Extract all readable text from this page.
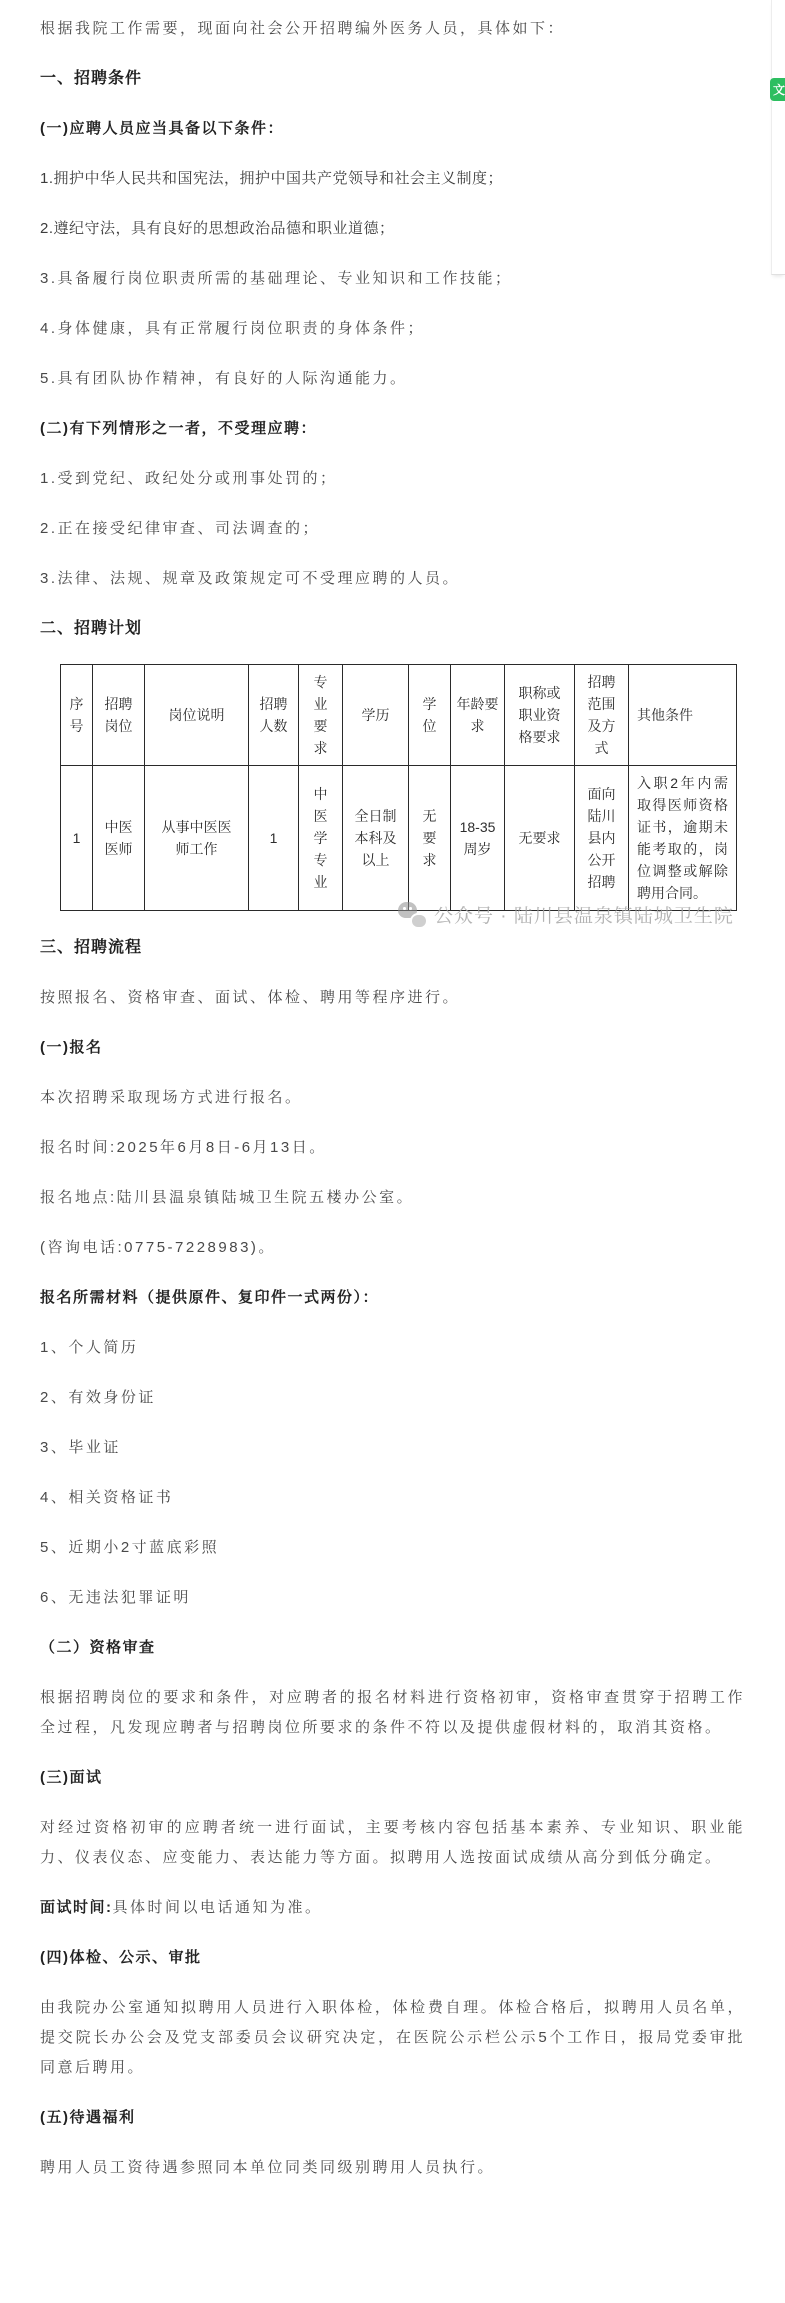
根据我院工作需要，现面向社会公开招聘编外医务人员，具体如下：

一、招聘条件

(一)应聘人员应当具备以下条件：

1.拥护中华人民共和国宪法，拥护中国共产党领导和社会主义制度；

2.遵纪守法，具有良好的思想政治品德和职业道德；

3.具备履行岗位职责所需的基础理论、专业知识和工作技能；

4.身体健康，具有正常履行岗位职责的身体条件；

5.具有团队协作精神，有良好的人际沟通能力。

(二)有下列情形之一者，不受理应聘：

1.受到党纪、政纪处分或刑事处罚的；

2.正在接受纪律审查、司法调查的；

3.法律、法规、规章及政策规定可不受理应聘的人员。

二、招聘计划

序号	招聘岗位	岗位说明	招聘人数	专业要求	学历	学位	年龄要求	职称或职业资格要求	招聘范围及方式	其他条件
1	中医医师	从事中医医师工作	1	中医学专业	全日制本科及以上	无要求	18-35周岁	无要求	面向陆川县内公开招聘	入职2年内需取得医师资格证书，逾期未能考取的，岗位调整或解除聘用合同。

三、招聘流程

按照报名、资格审查、面试、体检、聘用等程序进行。

(一)报名

本次招聘采取现场方式进行报名。

报名时间:2025年6月8日-6月13日。

报名地点:陆川县温泉镇陆城卫生院五楼办公室。

(咨询电话:0775-7228983)。

报名所需材料（提供原件、复印件一式两份）：

1、个人简历

2、有效身份证

3、毕业证

4、相关资格证书

5、近期小2寸蓝底彩照

6、无违法犯罪证明

（二）资格审查

根据招聘岗位的要求和条件，对应聘者的报名材料进行资格初审，资格审查贯穿于招聘工作全过程，凡发现应聘者与招聘岗位所要求的条件不符以及提供虚假材料的，取消其资格。

(三)面试

对经过资格初审的应聘者统一进行面试，主要考核内容包括基本素养、专业知识、职业能力、仪表仪态、应变能力、表达能力等方面。拟聘用人选按面试成绩从高分到低分确定。

面试时间:具体时间以电话通知为准。

(四)体检、公示、审批

由我院办公室通知拟聘用人员进行入职体检，体检费自理。体检合格后，拟聘用人员名单，提交院长办公会及党支部委员会议研究决定，在医院公示栏公示5个工作日，报局党委审批同意后聘用。

(五)待遇福利

聘用人员工资待遇参照同本单位同类同级别聘用人员执行。

公众号 · 陆川县温泉镇陆城卫生院
文
